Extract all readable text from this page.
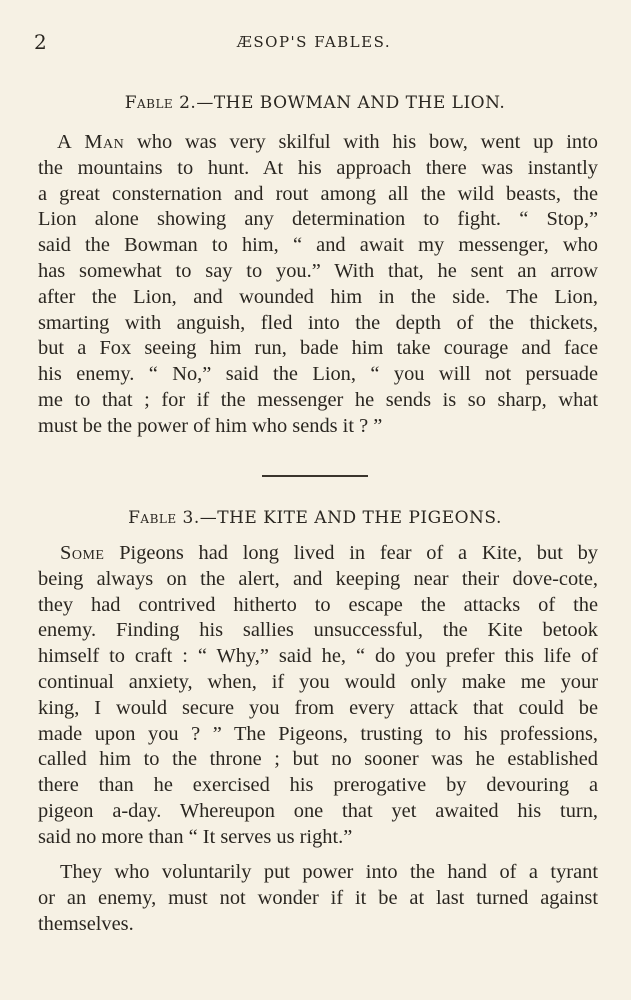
2	ÆSOP'S FABLES.
Fable 2.—THE BOWMAN AND THE LION.
A Man who was very skilful with his bow, went up into
the mountains to hunt. At his approach there was instantly
a great consternation and rout among all the wild beasts, the
Lion alone showing any determination to fight. “ Stop,”
said the Bowman to him, “ and await my messenger, who
has somewhat to say to you.” With that, he sent an arrow
after the Lion, and wounded him in the side. The Lion,
smarting with anguish, fled into the depth of the thickets,
but a Fox seeing him run, bade him take courage and face
his enemy. “ No,” said the Lion, “ you will not persuade
me to that ; for if the messenger he sends is so sharp, what
must be the power of him who sends it ? ”
Fable 3.—THE KITE AND THE PIGEONS.
Some Pigeons had long lived in fear of a Kite, but by
being always on the alert, and keeping near their dove-cote,
they had contrived hitherto to escape the attacks of the
enemy. Finding his sallies unsuccessful, the Kite betook
himself to craft : “ Why,” said he, “ do you prefer this life of
continual anxiety, when, if you would only make me your
king, I would secure you from every attack that could be
made upon you ? ” The Pigeons, trusting to his professions,
called him to the throne ; but no sooner was he established
there than he exercised his prerogative by devouring a
pigeon a-day. Whereupon one that yet awaited his turn,
said no more than “ It serves us right.”
They who voluntarily put power into the hand of a tyrant
or an enemy, must not wonder if it be at last turned against
themselves.
